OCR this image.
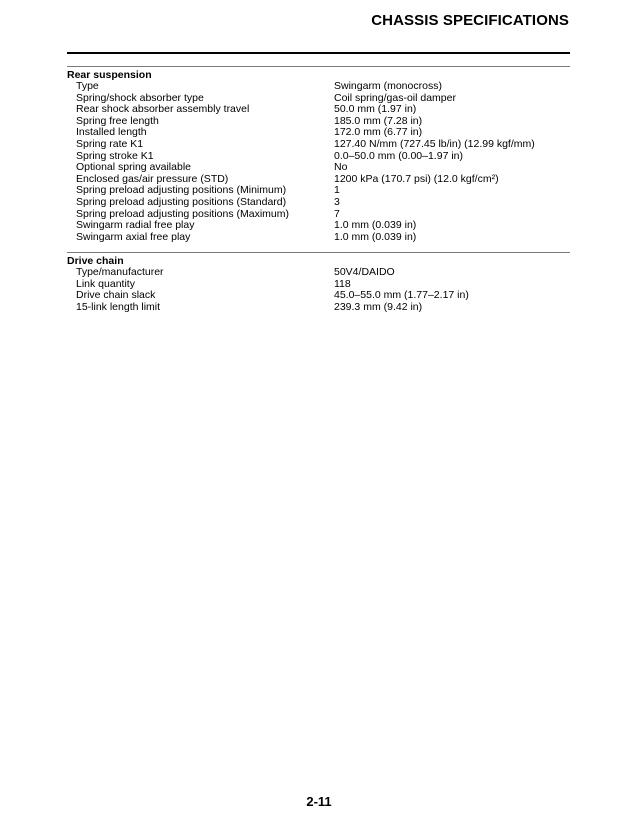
CHASSIS SPECIFICATIONS
Rear suspension
Type	Swingarm (monocross)
Spring/shock absorber type	Coil spring/gas-oil damper
Rear shock absorber assembly travel	50.0 mm (1.97 in)
Spring free length	185.0 mm (7.28 in)
Installed length	172.0 mm (6.77 in)
Spring rate K1	127.40 N/mm (727.45 lb/in) (12.99 kgf/mm)
Spring stroke K1	0.0–50.0 mm (0.00–1.97 in)
Optional spring available	No
Enclosed gas/air pressure (STD)	1200 kPa (170.7 psi) (12.0 kgf/cm²)
Spring preload adjusting positions (Minimum)	1
Spring preload adjusting positions (Standard)	3
Spring preload adjusting positions (Maximum)	7
Swingarm radial free play	1.0 mm (0.039 in)
Swingarm axial free play	1.0 mm (0.039 in)
Drive chain
Type/manufacturer	50V4/DAIDO
Link quantity	118
Drive chain slack	45.0–55.0 mm (1.77–2.17 in)
15-link length limit	239.3 mm (9.42 in)
2-11
